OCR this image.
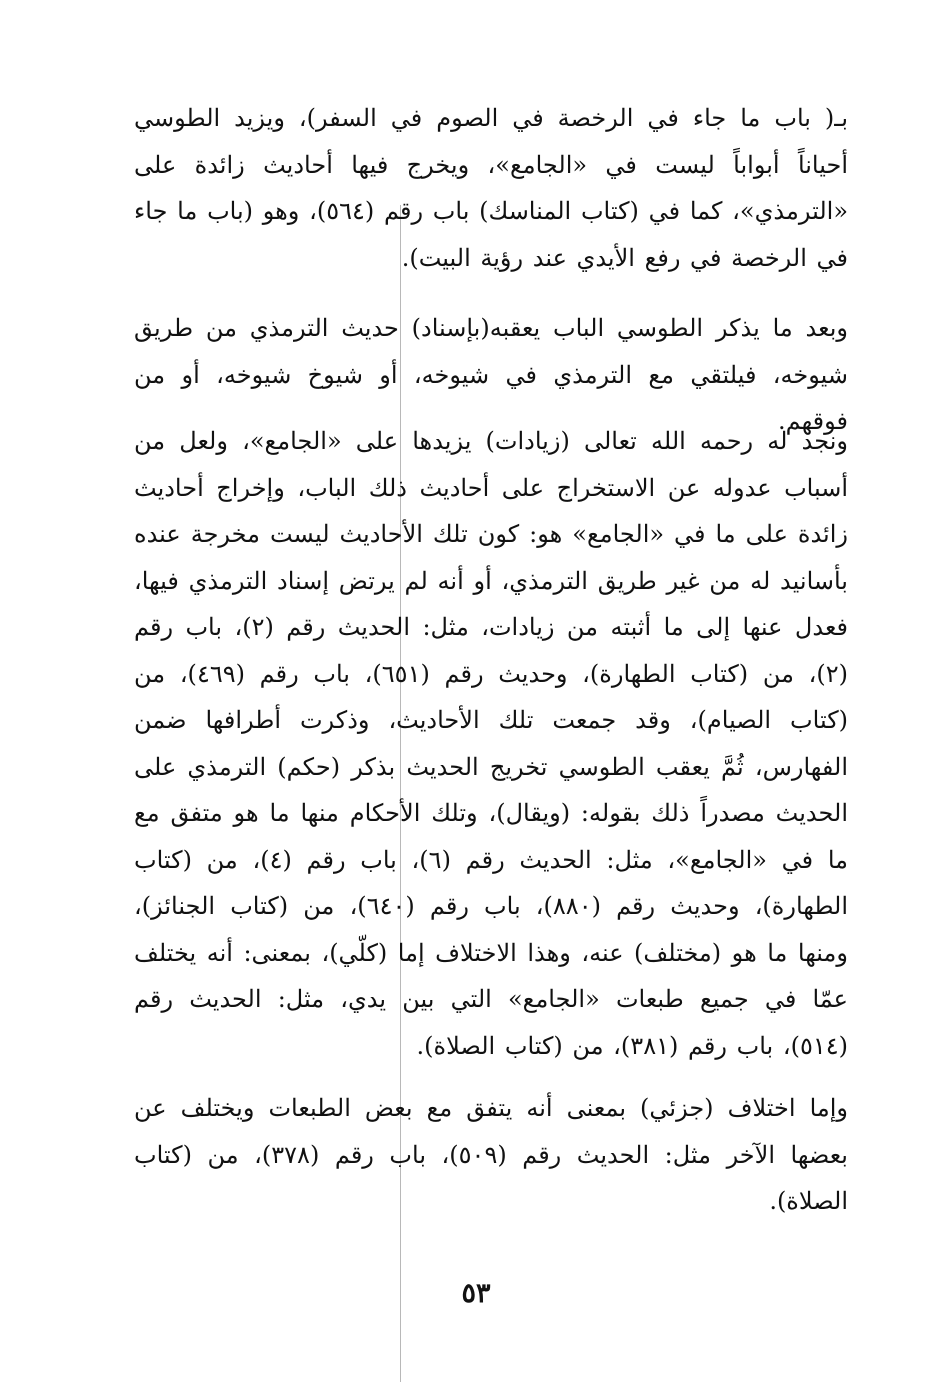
بـ( باب ما جاء في الرخصة في الصوم في السفر)، ويزيد الطوسي أحياناً أبواباً ليست في «الجامع»، ويخرج فيها أحاديث زائدة على «الترمذي»، كما في (كتاب المناسك) باب رقم (٥٦٤)، وهو (باب ما جاء في الرخصة في رفع الأيدي عند رؤية البيت).

وبعد ما يذكر الطوسي الباب يعقبه(بإسناد) حديث الترمذي من طريق شيوخه، فيلتقي مع الترمذي في شيوخه، أو شيوخ شيوخه، أو من فوقهم.

ونجد له رحمه الله تعالى (زيادات) يزيدها على «الجامع»، ولعل من أسباب عدوله عن الاستخراج على أحاديث ذلك الباب، وإخراج أحاديث زائدة على ما في «الجامع» هو: كون تلك الأحاديث ليست مخرجة عنده بأسانيد له من غير طريق الترمذي، أو أنه لم يرتض إسناد الترمذي فيها، فعدل عنها إلى ما أثبته من زيادات، مثل: الحديث رقم (٢)، باب رقم (٢)، من (كتاب الطهارة)، وحديث رقم (٦٥١)، باب رقم (٤٦٩)، من (كتاب الصيام)، وقد جمعت تلك الأحاديث، وذكرت أطرافها ضمن الفهارس، ثُمَّ يعقب الطوسي تخريج الحديث بذكر (حكم) الترمذي على الحديث مصدراً ذلك بقوله: (ويقال)، وتلك الأحكام منها ما هو متفق مع ما في «الجامع»، مثل: الحديث رقم (٦)، باب رقم (٤)، من (كتاب الطهارة)، وحديث رقم (٨٨٠)، باب رقم (٦٤٠)، من (كتاب الجنائز)، ومنها ما هو (مختلف) عنه، وهذا الاختلاف إما (كلّي)، بمعنى: أنه يختلف عمّا في جميع طبعات «الجامع» التي بين يدي، مثل: الحديث رقم (٥١٤)، باب رقم (٣٨١)، من (كتاب الصلاة).

وإما اختلاف (جزئي) بمعنى أنه يتفق مع بعض الطبعات ويختلف عن بعضها الآخر مثل: الحديث رقم (٥٠٩)، باب رقم (٣٧٨)، من (كتاب الصلاة).

٥٣
